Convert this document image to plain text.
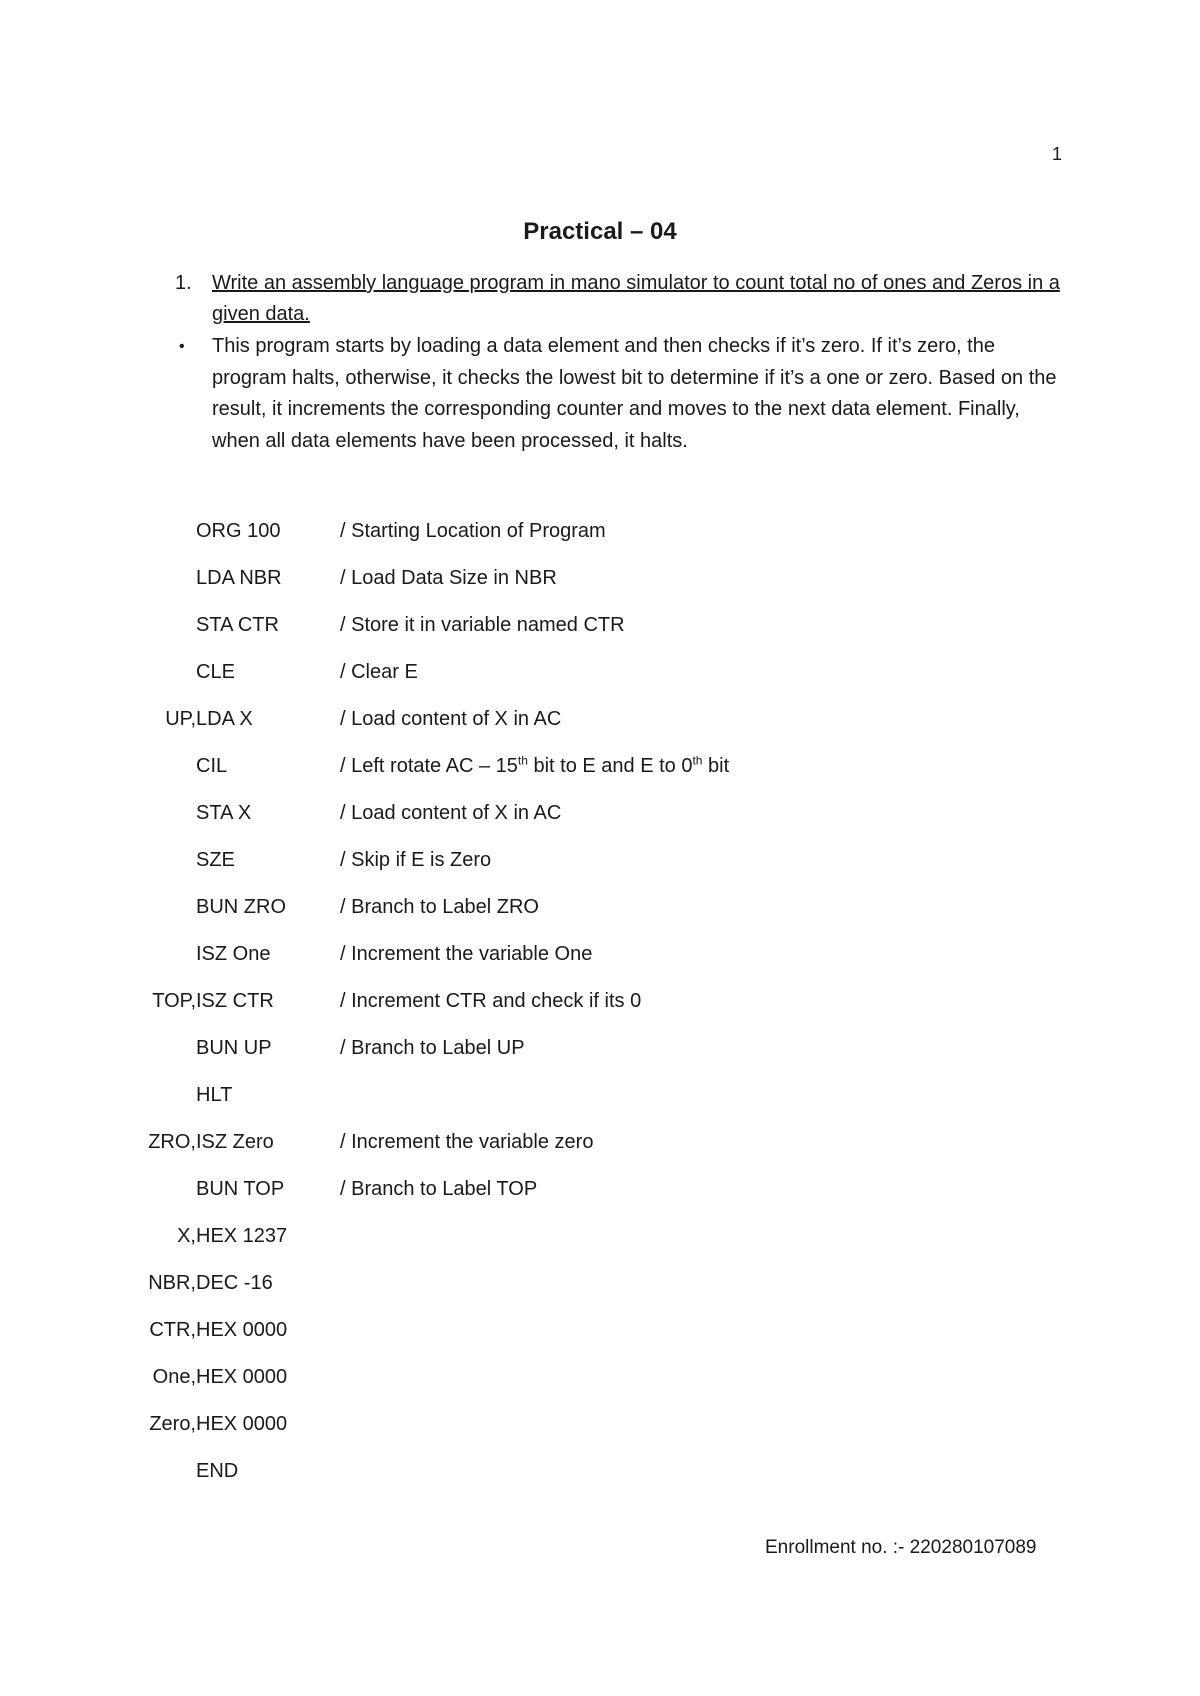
1
Practical – 04
1. Write an assembly language program in mano simulator to count total no of ones and Zeros in a given data.
• This program starts by loading a data element and then checks if it’s zero. If it’s zero, the program halts, otherwise, it checks the lowest bit to determine if it’s a one or zero. Based on the result, it increments the corresponding counter and moves to the next data element. Finally, when all data elements have been processed, it halts.
ORG 100	/ Starting Location of Program
LDA NBR	/ Load Data Size in NBR
STA CTR	/ Store it in variable named CTR
CLE	/ Clear E
UP, LDA X	/ Load content of X in AC
CIL	/ Left rotate AC – 15th bit to E and E to 0th bit
STA X	/ Load content of X in AC
SZE	/ Skip if E is Zero
BUN ZRO	/ Branch to Label ZRO
ISZ One	/ Increment the variable One
TOP, ISZ CTR	/ Increment CTR and check if its 0
BUN UP	/ Branch to Label UP
HLT
ZRO, ISZ Zero	/ Increment the variable zero
BUN TOP	/ Branch to Label TOP
X, HEX 1237
NBR, DEC -16
CTR, HEX 0000
One, HEX 0000
Zero, HEX 0000
END
Enrollment no. :- 220280107089
